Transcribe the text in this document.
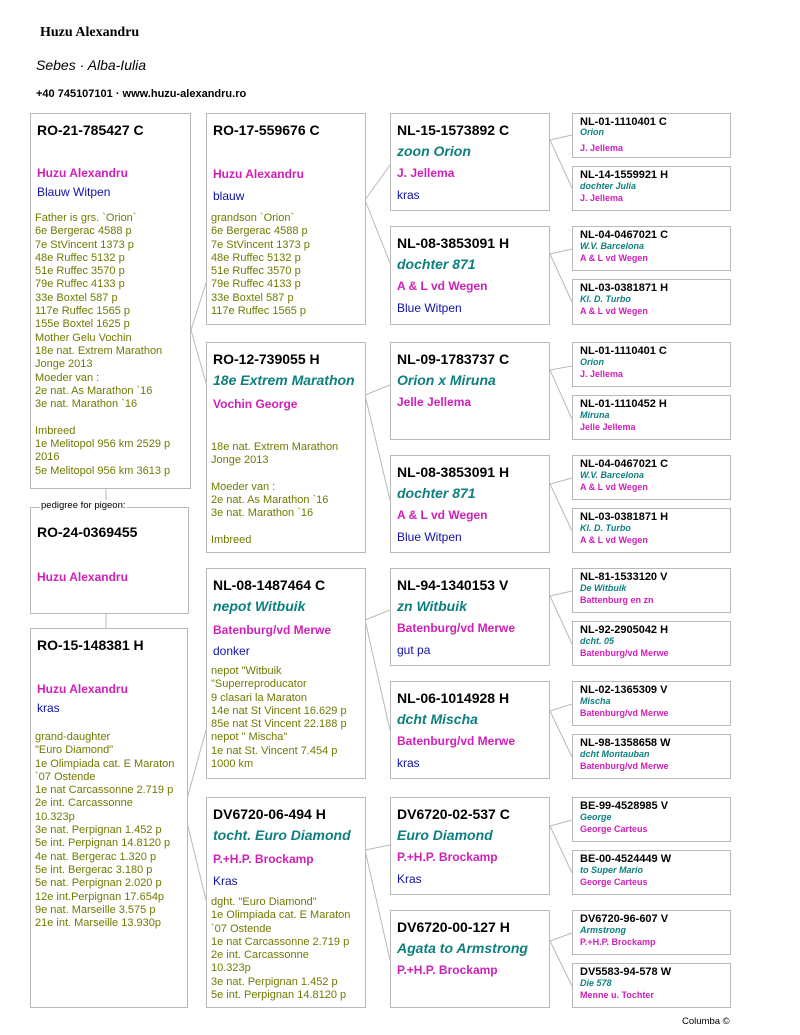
Huzu Alexandru
Sebes · Alba-Iulia
+40 745107101 · www.huzu-alexandru.ro
RO-24-0369455
Huzu Alexandru
pedigree for pigeon:
RO-21-785427 C
Huzu Alexandru
Blauw Witpen
Father is grs. `Orion`
6e Bergerac 4588 p
7e StVincent 1373 p
48e Ruffec 5132 p
51e Ruffec 3570 p
79e Ruffec 4133 p
33e Boxtel 587 p
117e Ruffec 1565 p
155e Boxtel 1625 p
Mother Gelu Vochin
18e nat. Extrem Marathon
Jonge 2013
Moeder van :
2e nat. As Marathon `16
3e nat. Marathon `16

Imbreed
1e Melitopol 956 km 2529 p
2016
5e Melitopol 956 km 3613 p
RO-15-148381 H
Huzu Alexandru
kras
grand-daughter
"Euro Diamond"
1e Olimpiada cat. E Maraton
`07 Ostende
1e nat Carcassonne 2.719 p
2e int. Carcassonne
10.323p
3e nat. Perpignan 1.452 p
5e int. Perpignan 14.8120 p
4e nat. Bergerac 1.320 p
5e int. Bergerac 3.180 p
5e nat. Perpignan 2.020 p
12e int.Perpignan 17.654p
9e nat. Marseille 3.575 p
21e int. Marseille 13.930p
RO-17-559676 C
Huzu Alexandru
blauw
grandson `Orion`
6e Bergerac 4588 p
7e StVincent 1373 p
48e Ruffec 5132 p
51e Ruffec 3570 p
79e Ruffec 4133 p
33e Boxtel 587 p
117e Ruffec 1565 p
RO-12-739055 H
18e Extrem Marathon
Vochin George
18e nat. Extrem Marathon
Jonge 2013

Moeder van :
2e nat. As Marathon `16
3e nat. Marathon `16

Imbreed
NL-08-1487464 C
nepot Witbuik
Batenburg/vd Merwe
donker
nepot "Witbuik
"Superreproducator
9 clasari la Maraton
14e nat St Vincent 16.629 p
85e nat St Vincent 22.188 p
nepot " Mischa"
1e nat St. Vincent 7.454 p
1000 km
DV6720-06-494 H
tocht. Euro Diamond
P.+H.P. Brockamp
Kras
dght. "Euro Diamond"
1e Olimpiada cat. E Maraton
`07 Ostende
1e nat Carcassonne 2.719 p
2e int. Carcassonne
10.323p
3e nat. Perpignan 1.452 p
5e int. Perpignan 14.8120 p
NL-15-1573892 C
zoon Orion
J. Jellema
kras
NL-08-3853091 H
dochter 871
A & L vd Wegen
Blue Witpen
NL-09-1783737 C
Orion x Miruna
Jelle Jellema
NL-08-3853091 H
dochter 871
A & L vd Wegen
Blue Witpen
NL-94-1340153 V
zn Witbuik
Batenburg/vd Merwe
gut pa
NL-06-1014928 H
dcht Mischa
Batenburg/vd Merwe
kras
DV6720-02-537 C
Euro Diamond
P.+H.P. Brockamp
Kras
DV6720-00-127 H
Agata to Armstrong
P.+H.P. Brockamp
NL-01-1110401 C
Orion
J. Jellema
NL-14-1559921 H
dochter Julia
J. Jellema
NL-04-0467021 C
W.V. Barcelona
A & L vd Wegen
NL-03-0381871 H
Kl. D. Turbo
A & L vd Wegen
NL-01-1110401 C
Orion
J. Jellema
NL-01-1110452 H
Miruna
Jelle Jellema
NL-04-0467021 C
W.V. Barcelona
A & L vd Wegen
NL-03-0381871 H
Kl. D. Turbo
A & L vd Wegen
NL-81-1533120 V
De Witbuik
Battenburg en zn
NL-92-2905042 H
dcht. 05
Batenburg/vd Merwe
NL-02-1365309 V
Mischa
Batenburg/vd Merwe
NL-98-1358658 W
dcht Montauban
Batenburg/vd Merwe
BE-99-4528985 V
George
George Carteus
BE-00-4524449 W
to Super Mario
George Carteus
DV6720-96-607 V
Armstrong
P.+H.P. Brockamp
DV5583-94-578 W
Die 578
Menne u. Tochter
Columba ©
